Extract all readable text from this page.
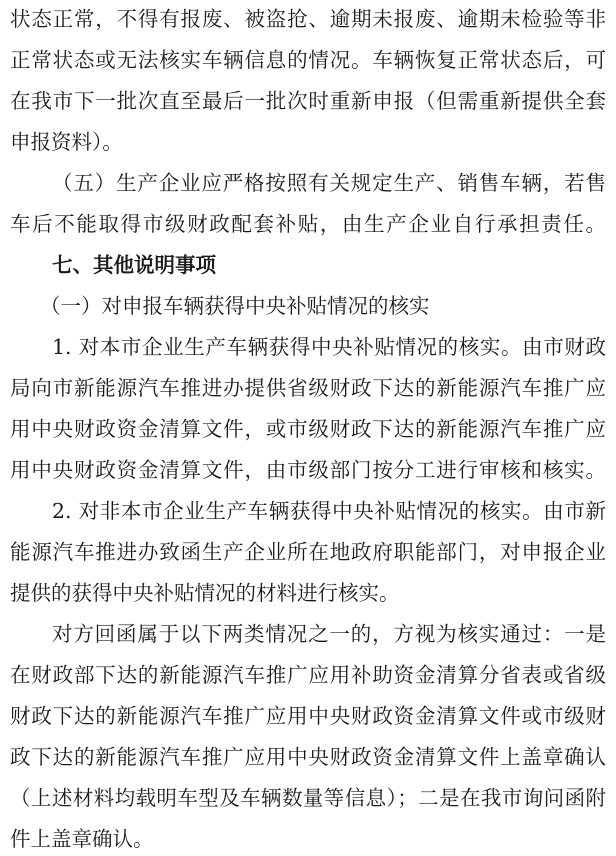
状态正常，不得有报废、被盗抢、逾期未报废、逾期未检验等非
正常状态或无法核实车辆信息的情况。车辆恢复正常状态后，可
在我市下一批次直至最后一批次时重新申报（但需重新提供全套
申报资料）。
（五）生产企业应严格按照有关规定生产、销售车辆，若售
车后不能取得市级财政配套补贴，由生产企业自行承担责任。
七、其他说明事项
（一）对申报车辆获得中央补贴情况的核实
1. 对本市企业生产车辆获得中央补贴情况的核实。由市财政
局向市新能源汽车推进办提供省级财政下达的新能源汽车推广应
用中央财政资金清算文件，或市级财政下达的新能源汽车推广应
用中央财政资金清算文件，由市级部门按分工进行审核和核实。
2. 对非本市企业生产车辆获得中央补贴情况的核实。由市新
能源汽车推进办致函生产企业所在地政府职能部门，对申报企业
提供的获得中央补贴情况的材料进行核实。
对方回函属于以下两类情况之一的，方视为核实通过：一是
在财政部下达的新能源汽车推广应用补助资金清算分省表或省级
财政下达的新能源汽车推广应用中央财政资金清算文件或市级财
政下达的新能源汽车推广应用中央财政资金清算文件上盖章确认
（上述材料均载明车型及车辆数量等信息）；二是在我市询问函附
件上盖章确认。
